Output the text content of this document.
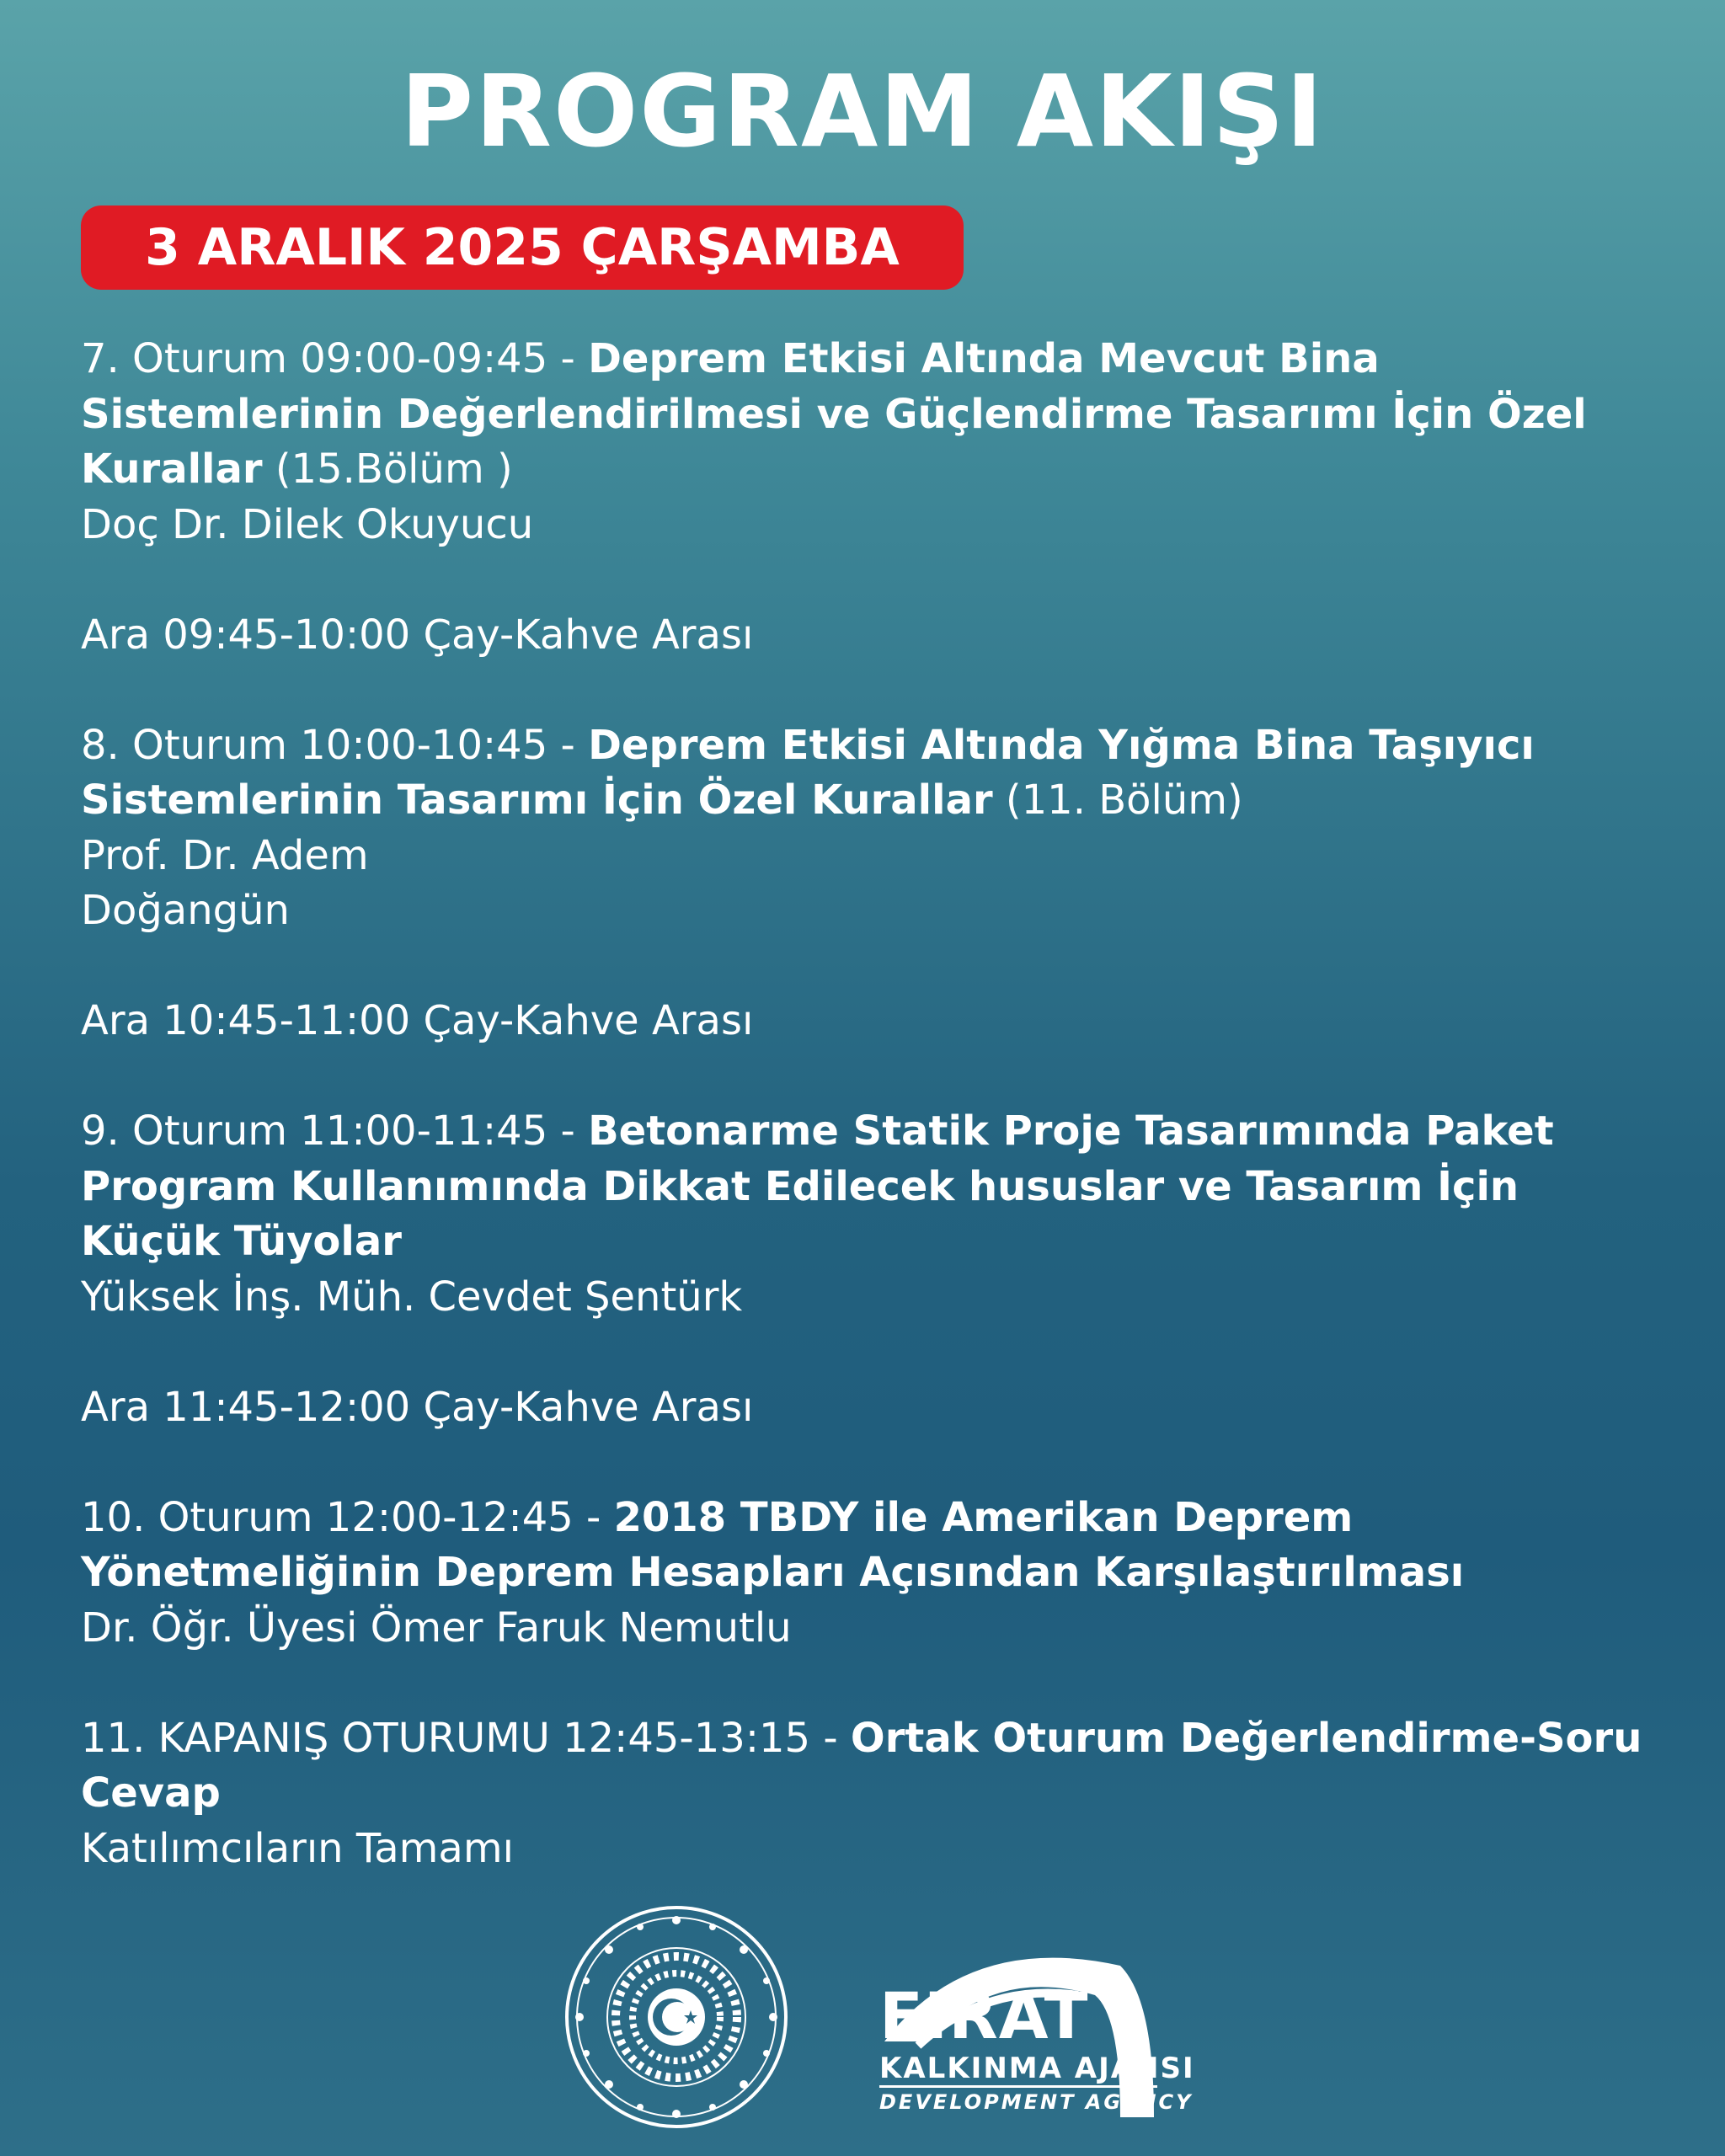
PROGRAM AKIŞI
3 ARALIK 2025 ÇARŞAMBA
7. Oturum 09:00-09:45 - Deprem Etkisi Altında Mevcut Bina Sistemlerinin Değerlendirilmesi ve Güçlendirme Tasarımı İçin Özel Kurallar (15.Bölüm )
Doç Dr. Dilek Okuyucu
Ara 09:45-10:00 Çay-Kahve Arası
8. Oturum 10:00-10:45 - Deprem Etkisi Altında Yığma Bina Taşıyıcı Sistemlerinin Tasarımı İçin Özel Kurallar (11. Bölüm)
Prof. Dr. Adem
Doğangün
Ara 10:45-11:00 Çay-Kahve Arası
9. Oturum 11:00-11:45 - Betonarme Statik Proje Tasarımında Paket Program Kullanımında Dikkat Edilecek hususlar ve Tasarım İçin Küçük Tüyolar
Yüksek İnş. Müh. Cevdet Şentürk
Ara 11:45-12:00 Çay-Kahve Arası
10. Oturum 12:00-12:45 - 2018 TBDY ile Amerikan Deprem Yönetmeliğinin Deprem Hesapları Açısından Karşılaştırılması
Dr. Öğr. Üyesi Ömer Faruk Nemutlu
11. KAPANIŞ OTURUMU 12:45-13:15 - Ortak Oturum Değerlendirme-Soru Cevap
Katılımcıların Tamamı
FIRAT
KALKINMA AJANSI
DEVELOPMENT AGENCY
